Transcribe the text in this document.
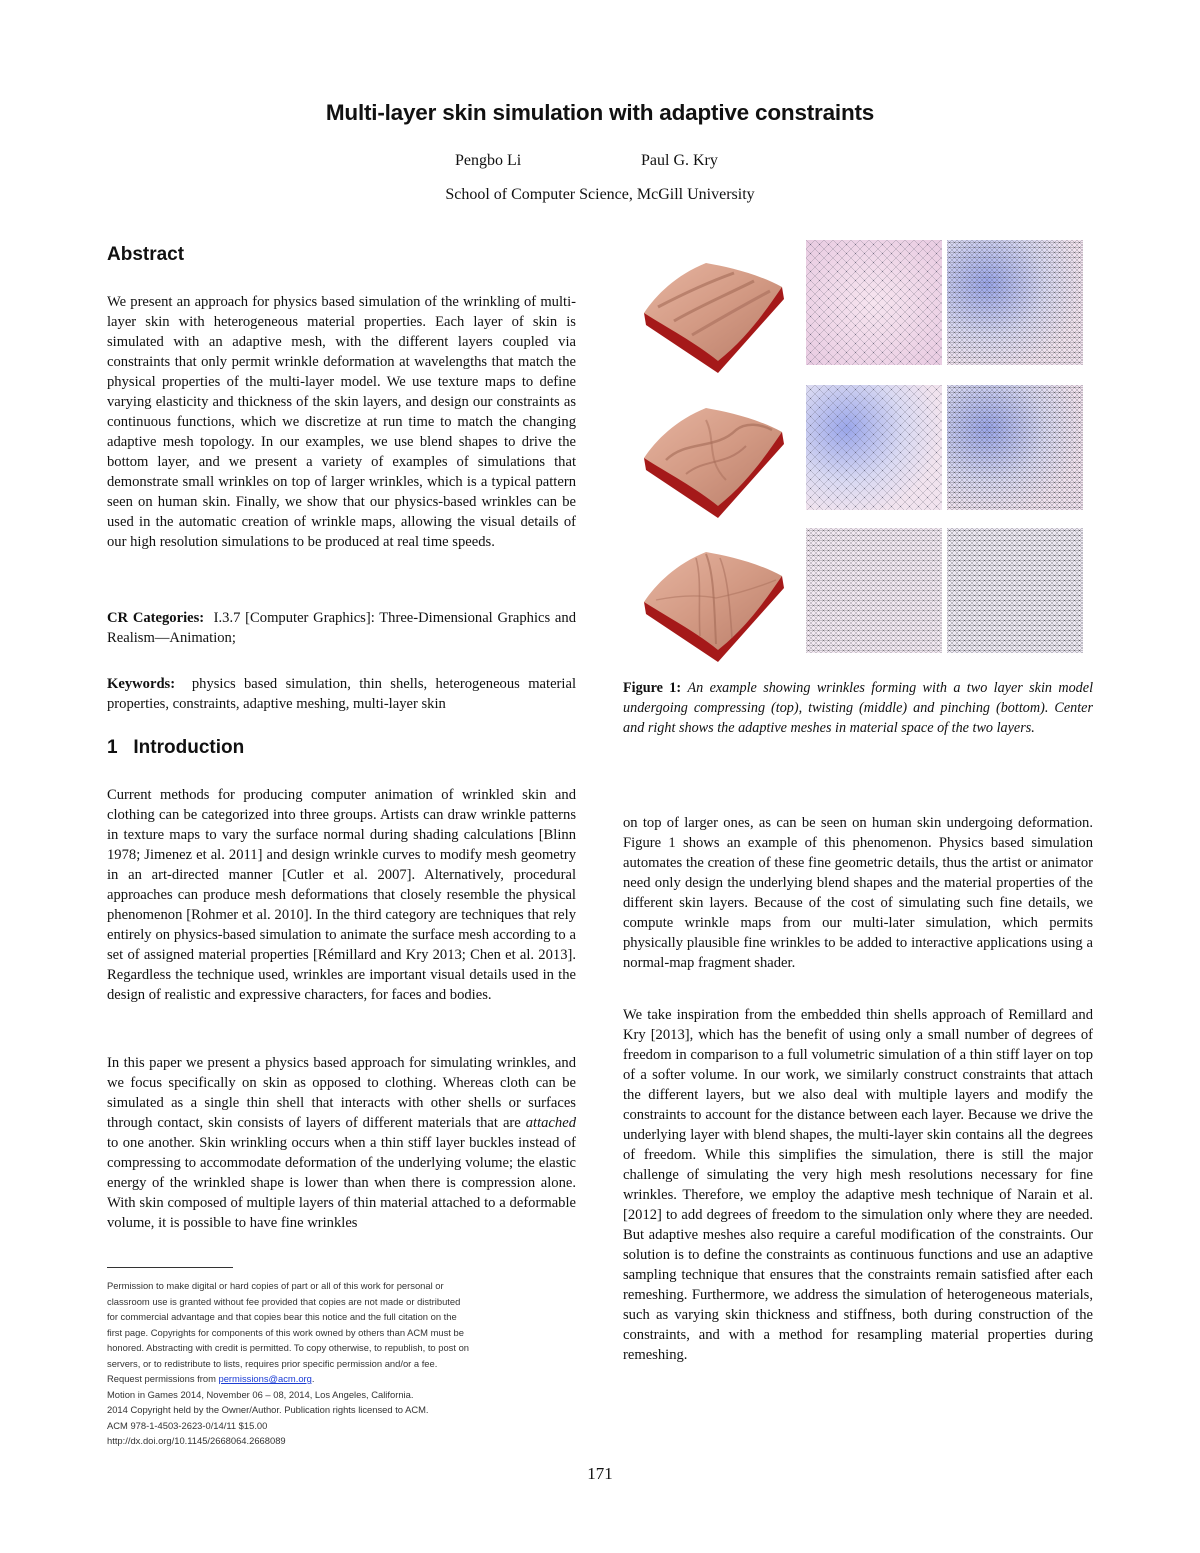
Multi-layer skin simulation with adaptive constraints
Pengbo Li	Paul G. Kry
School of Computer Science, McGill University
Abstract

We present an approach for physics based simulation of the wrinkling of multi-layer skin with heterogeneous material properties. Each layer of skin is simulated with an adaptive mesh, with the different layers coupled via constraints that only permit wrinkle deformation at wavelengths that match the physical properties of the multi-layer model. We use texture maps to define varying elasticity and thickness of the skin layers, and design our constraints as continuous functions, which we discretize at run time to match the changing adaptive mesh topology. In our examples, we use blend shapes to drive the bottom layer, and we present a variety of examples of simulations that demonstrate small wrinkles on top of larger wrinkles, which is a typical pattern seen on human skin. Finally, we show that our physics-based wrinkles can be used in the automatic creation of wrinkle maps, allowing the visual details of our high resolution simulations to be produced at real time speeds.

CR Categories: I.3.7 [Computer Graphics]: Three-Dimensional Graphics and Realism—Animation;

Keywords: physics based simulation, thin shells, heterogeneous material properties, constraints, adaptive meshing, multi-layer skin

1   Introduction

Current methods for producing computer animation of wrinkled skin and clothing can be categorized into three groups. Artists can draw wrinkle patterns in texture maps to vary the surface normal during shading calculations [Blinn 1978; Jimenez et al. 2011] and design wrinkle curves to modify mesh geometry in an art-directed manner [Cutler et al. 2007]. Alternatively, procedural approaches can produce mesh deformations that closely resemble the physical phenomenon [Rohmer et al. 2010]. In the third category are techniques that rely entirely on physics-based simulation to animate the surface mesh according to a set of assigned material properties [Rémillard and Kry 2013; Chen et al. 2013]. Regardless the technique used, wrinkles are important visual details used in the design of realistic and expressive characters, for faces and bodies.

In this paper we present a physics based approach for simulating wrinkles, and we focus specifically on skin as opposed to clothing. Whereas cloth can be simulated as a single thin shell that interacts with other shells or surfaces through contact, skin consists of layers of different materials that are attached to one another. Skin wrinkling occurs when a thin stiff layer buckles instead of compressing to accommodate deformation of the underlying volume; the elastic energy of the wrinkled shape is lower than when there is compression alone. With skin composed of multiple layers of thin material attached to a deformable volume, it is possible to have fine wrinkles

Permission to make digital or hard copies of part or all of this work for personal or
classroom use is granted without fee provided that copies are not made or distributed
for commercial advantage and that copies bear this notice and the full citation on the
first page. Copyrights for components of this work owned by others than ACM must be
honored. Abstracting with credit is permitted. To copy otherwise, to republish, to post on
servers, or to redistribute to lists, requires prior specific permission and/or a fee.
Request permissions from permissions@acm.org.
Motion in Games 2014, November 06 – 08, 2014, Los Angeles, California.
2014 Copyright held by the Owner/Author. Publication rights licensed to ACM.
ACM 978-1-4503-2623-0/14/11 $15.00
http://dx.doi.org/10.1145/2668064.2668089

Figure 1: An example showing wrinkles forming with a two layer skin model undergoing compressing (top), twisting (middle) and pinching (bottom). Center and right shows the adaptive meshes in material space of the two layers.

on top of larger ones, as can be seen on human skin undergoing deformation. Figure 1 shows an example of this phenomenon. Physics based simulation automates the creation of these fine geometric details, thus the artist or animator need only design the underlying blend shapes and the material properties of the different skin layers. Because of the cost of simulating such fine details, we compute wrinkle maps from our multi-later simulation, which permits physically plausible fine wrinkles to be added to interactive applications using a normal-map fragment shader.

We take inspiration from the embedded thin shells approach of Remillard and Kry [2013], which has the benefit of using only a small number of degrees of freedom in comparison to a full volumetric simulation of a thin stiff layer on top of a softer volume. In our work, we similarly construct constraints that attach the different layers, but we also deal with multiple layers and modify the constraints to account for the distance between each layer. Because we drive the underlying layer with blend shapes, the multi-layer skin contains all the degrees of freedom. While this simplifies the simulation, there is still the major challenge of simulating the very high mesh resolutions necessary for fine wrinkles. Therefore, we employ the adaptive mesh technique of Narain et al. [2012] to add degrees of freedom to the simulation only where they are needed. But adaptive meshes also require a careful modification of the constraints. Our solution is to define the constraints as continuous functions and use an adaptive sampling technique that ensures that the constraints remain satisfied after each remeshing. Furthermore, we address the simulation of heterogeneous materials, such as varying skin thickness and stiffness, both during construction of the constraints, and with a method for resampling material properties during remeshing.

171
